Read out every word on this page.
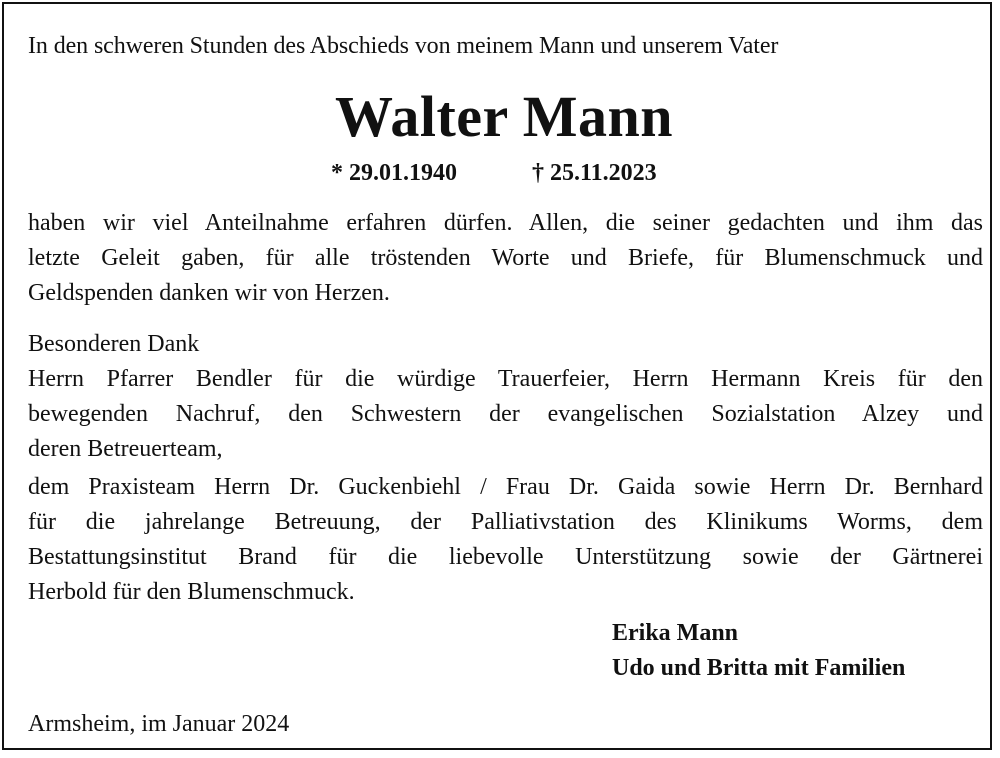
In den schweren Stunden des Abschieds von meinem Mann und unserem Vater
Walter Mann
* 29.01.1940	† 25.11.2023
haben wir viel Anteilnahme erfahren dürfen. Allen, die seiner gedachten und ihm das
letzte Geleit gaben, für alle tröstenden Worte und Briefe, für Blumenschmuck und
Geldspenden danken wir von Herzen.
Besonderen Dank
Herrn Pfarrer Bendler für die würdige Trauerfeier, Herrn Hermann Kreis für den
bewegenden Nachruf, den Schwestern der evangelischen Sozialstation Alzey und
deren Betreuerteam,
dem Praxisteam Herrn Dr. Guckenbiehl / Frau Dr. Gaida sowie Herrn Dr. Bernhard
für die jahrelange Betreuung, der Palliativstation des Klinikums Worms, dem
Bestattungsinstitut Brand für die liebevolle Unterstützung sowie der Gärtnerei
Herbold für den Blumenschmuck.
Erika Mann
Udo und Britta mit Familien
Armsheim, im Januar 2024
